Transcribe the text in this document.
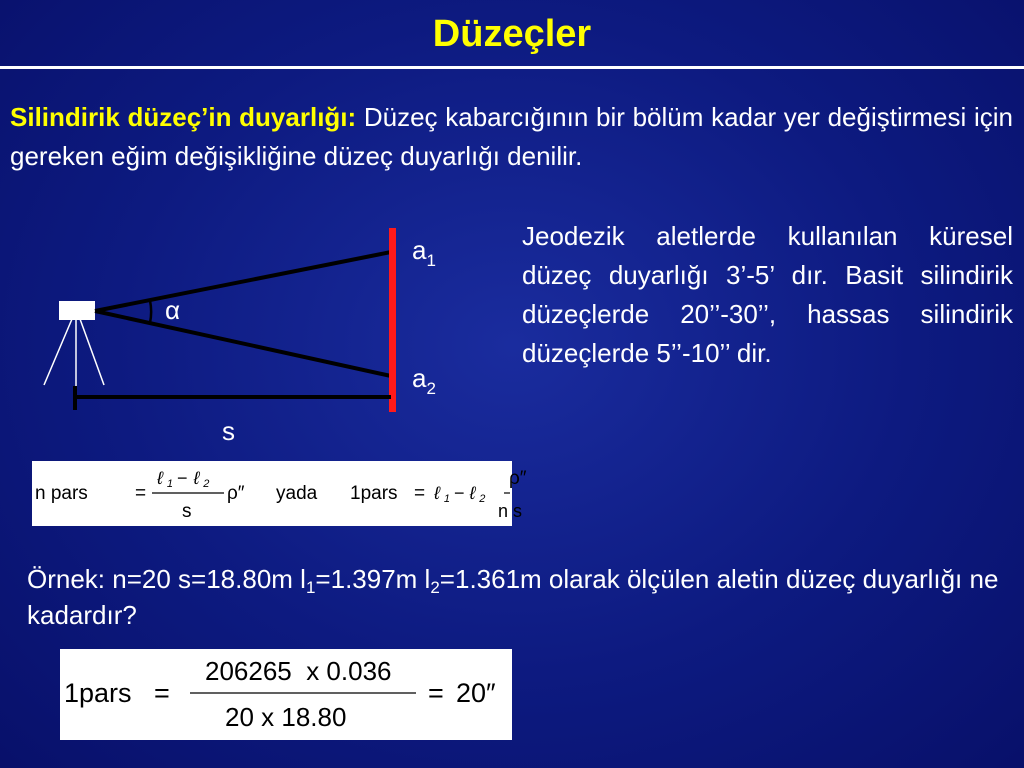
Düzeçler
Silindirik düzeç’in duyarlığı: Düzeç kabarcığının bir bölüm kadar yer değiştirmesi için gereken eğim değişikliğine düzeç duyarlığı denilir.
α
$a_1$
$a_2$
s
Jeodezik aletlerde kullanılan küresel düzeç duyarlığı 3’-5’ dır. Basit silindirik düzeçlerde 20’’-30’’, hassas silindirik düzeçlerde 5’’-10’’ dir.
n pars =
ℓ 1 − ℓ 2
s
ρ″ yada 1pars = ℓ 1 − ℓ 2
ρ″
n s
Örnek: n=20 s=18.80m $l_1=1.397m$ $l_2=1.361m$ olarak ölçülen aletin düzeç duyarlığı ne kadardır?
1pars =
206265  x 0.036
20 x 18.80
= 20″
